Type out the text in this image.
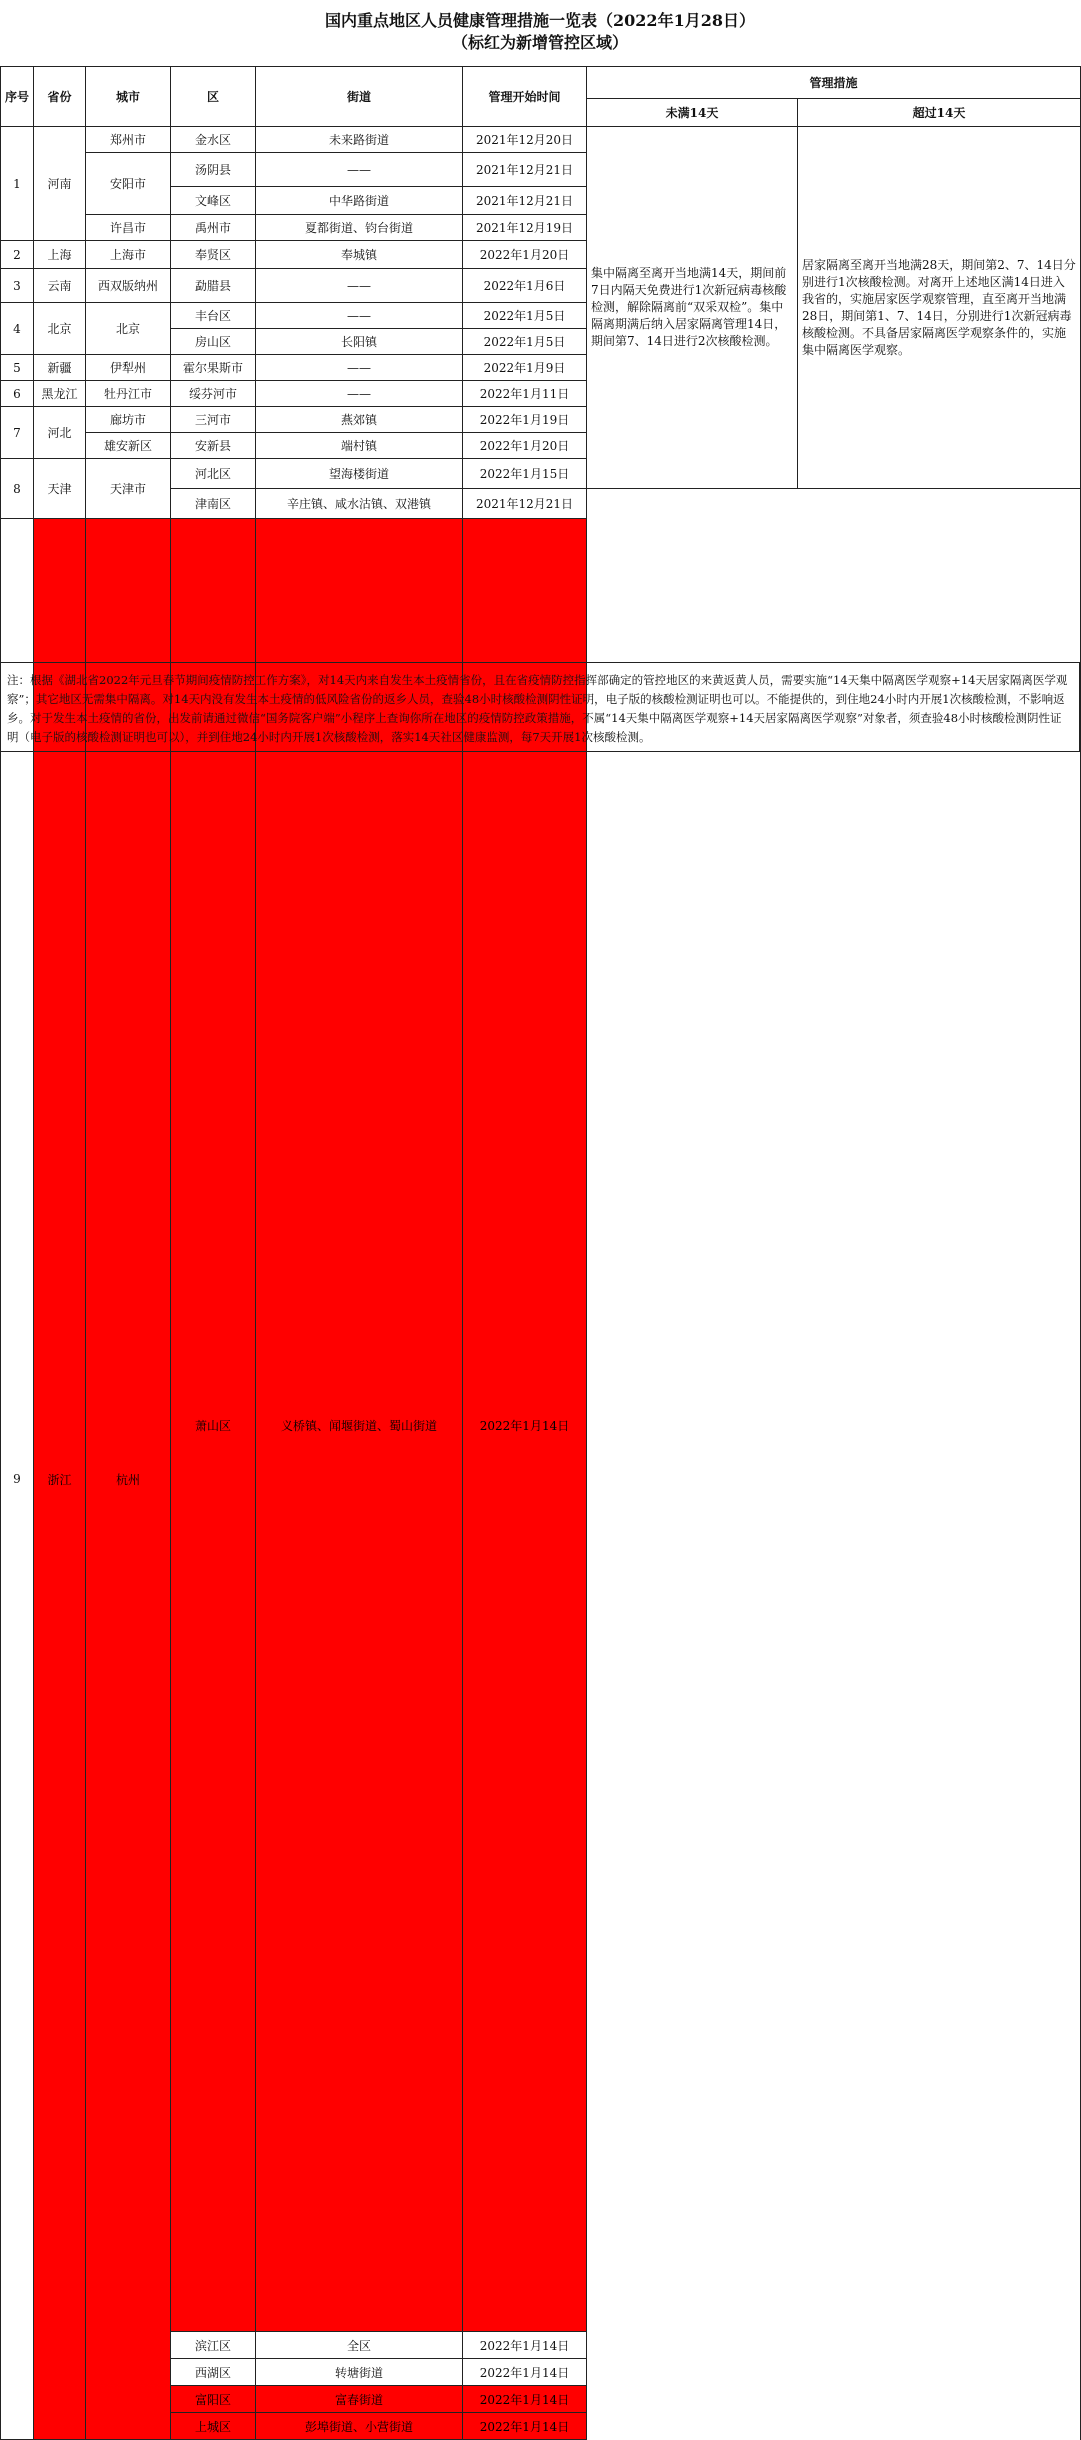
国内重点地区人员健康管理措施一览表（2022年1月28日）
（标红为新增管控区域）
序号	省份	城市	区	街道	管理开始时间	管理措施		
						未满14天	超过14天	
1	河南	郑州市	金水区	未来路街道	2021年12月20日	集中隔离至离开当地满14天，期间前7日内隔天免费进行1次新冠病毒核酸检测，解除隔离前“双采双检”。集中隔离期满后纳入居家隔离管理14日，期间第7、14日进行2次核酸检测。	居家隔离至离开当地满28天，期间第2、7、14日分别进行1次核酸检测。对离开上述地区满14日进入我省的，实施居家医学观察管理，直至离开当地满28日，期间第1、7、14日，分别进行1次新冠病毒核酸检测。不具备居家隔离医学观察条件的，实施集中隔离医学观察。	
		安阳市	汤阴县	——	2021年12月21日			
			文峰区	中华路街道	2021年12月21日			
		许昌市	禹州市	夏都街道、钧台街道	2021年12月19日			
2	上海	上海市	奉贤区	奉城镇	2022年1月20日			
3	云南	西双版纳州	勐腊县	——	2022年1月6日			
4	北京	北京	丰台区	——	2022年1月5日			
			房山区	长阳镇	2022年1月5日			
5	新疆	伊犁州	霍尔果斯市	——	2022年1月9日			
6	黑龙江	牡丹江市	绥芬河市	——	2022年1月11日			
7	河北	廊坊市	三河市	燕郊镇	2022年1月19日			
		雄安新区	安新县	端村镇	2022年1月20日			
8	天津	天津市	河北区	望海楼街道	2022年1月15日		
			津南区	辛庄镇、咸水沽镇、双港镇	2021年12月21日			
9	浙江	杭州	萧山区	义桥镇、闻堰街道、蜀山街道	2022年1月14日			
			滨江区	全区	2022年1月14日			
			西湖区	转塘街道	2022年1月14日			
			富阳区	富春街道	2022年1月14日			
			上城区	彭埠街道、小营街道	2022年1月14日			
注：根据《湖北省2022年元旦春节期间疫情防控工作方案》，对14天内来自发生本土疫情省份，且在省疫情防控指挥部确定的管控地区的来黄返黄人员，需要实施“14天集中隔离医学观察+14天居家隔离医学观察”；其它地区无需集中隔离。对14天内没有发生本土疫情的低风险省份的返乡人员，查验48小时核酸检测阴性证明，电子版的核酸检测证明也可以。不能提供的，到住地24小时内开展1次核酸检测，不影响返乡。对于发生本土疫情的省份，出发前请通过微信“国务院客户端”小程序上查询你所在地区的疫情防控政策措施，不属“14天集中隔离医学观察+14天居家隔离医学观察”对象者，须查验48小时核酸检测阴性证明（电子版的核酸检测证明也可以），并到住地24小时内开展1次核酸检测，落实14天社区健康监测，每7天开展1次核酸检测。
